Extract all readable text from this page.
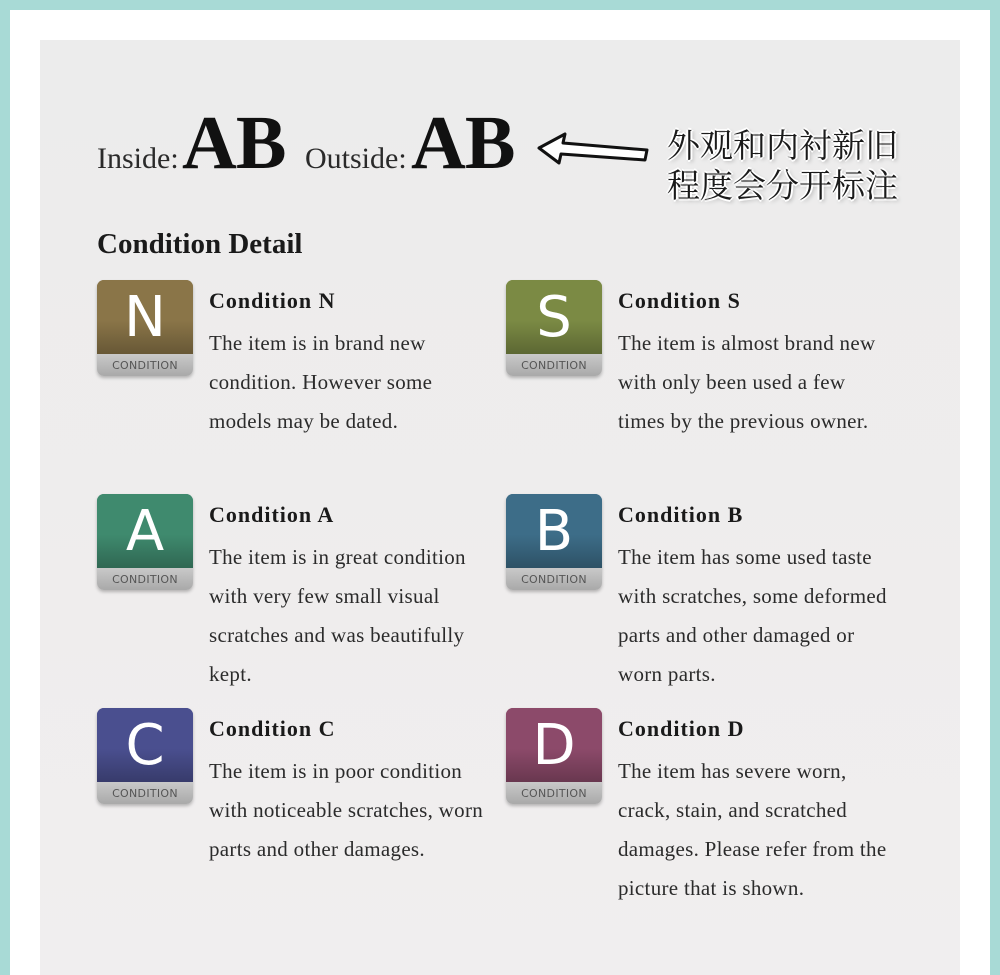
Inside: AB Outside: AB	外观和内衬新旧
程度会分开标注
Condition Detail
N
CONDITION
Condition N
The item is in brand new condition. However some models may be dated.
S
CONDITION
Condition S
The item is almost brand new with only been used a few times by the previous owner.
A
CONDITION
Condition A
The item is in great condition with very few small visual scratches and was beautifully kept.
B
CONDITION
Condition B
The item has some used taste with scratches, some deformed parts and other damaged or worn parts.
C
CONDITION
Condition C
The item is in poor condition with noticeable scratches, worn parts and other damages.
D
CONDITION
Condition D
The item has severe worn, crack, stain, and scratched damages. Please refer from the picture that is shown.
